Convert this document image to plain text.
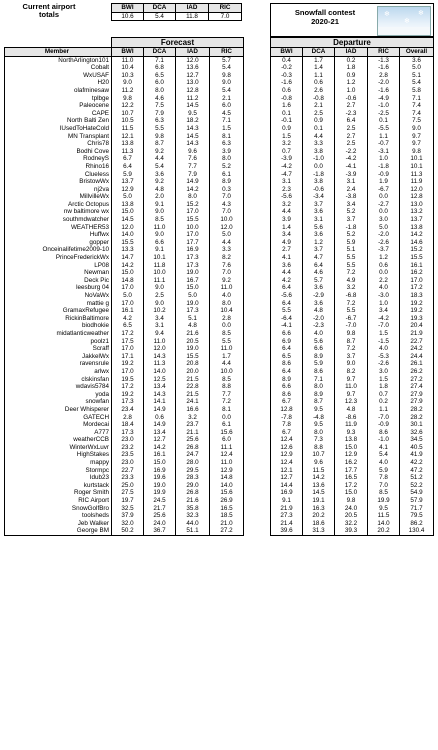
Current airport
totals
BWI	DCA	IAD	RIC
10.6	5.4	11.8	7.0	Snowfall contest
2020-21
❄
❄
❄
Forecast	Departure
Member	BWI	DCA	IAD	RIC
NorthArlington101	11.0	7.1	12.0	5.7
Cobalt	10.4	6.8	13.6	5.4
WxUSAF	10.3	6.5	12.7	9.8
H20	9.0	6.0	13.0	9.0
olafminesaw	11.2	8.0	12.8	5.4
tplbge	9.8	4.6	11.2	2.1
Paleocene	12.2	7.5	14.5	6.0
CAPE	10.7	7.9	9.5	4.5
North Balti Zen	10.5	6.3	18.2	7.1
IUsedToHateCold	11.5	5.5	14.3	1.5
MN Transplant	12.1	9.8	14.5	8.1
Chris78	13.8	8.7	14.3	6.3
Bodhi Cove	11.3	9.2	9.6	3.9
RodneyS	6.7	4.4	7.6	8.0
Rhino16	6.4	5.4	7.7	5.2
Clueless	5.9	3.6	7.9	6.1
BristowWx	13.7	9.2	14.9	8.9
nj2va	12.9	4.8	14.2	0.3
MillvilleWx	5.0	2.0	8.0	7.0
Arctic Octopus	13.8	9.1	15.2	4.3
nw baltimore wx	15.0	9.0	17.0	7.0
southmdwatcher	14.5	8.5	15.5	10.0
WEATHER53	12.0	11.0	10.0	12.0
Huffwx	14.0	9.0	17.0	5.0
gopper	15.5	6.6	17.7	4.4
Onceinalifetime2009-10	13.3	9.1	16.9	3.3
PrinceFrederickWx	14.7	10.1	17.3	8.2
LP08	14.2	11.8	17.3	7.6
Newman	15.0	10.0	19.0	7.0
Deck Pic	14.8	11.1	16.7	9.2
leesburg 04	17.0	9.0	15.0	11.0
NoVaWx	5.0	2.5	5.0	4.0
mattie g	17.0	9.0	19.0	8.0
GramaxRefugee	16.1	10.2	17.3	10.4
RickinBaltimore	4.2	3.4	5.1	2.8
biodhokie	6.5	3.1	4.8	0.0
midatlanticweather	17.2	9.4	21.6	8.5
poolz1	17.5	11.0	20.5	5.5
Scraff	17.0	12.0	19.0	11.0
JakkelWx	17.1	14.3	15.5	1.7
ravensrule	19.2	11.3	20.8	4.4
arlwx	17.0	14.0	20.0	10.0
clskinsfan	19.5	12.5	21.5	8.5
wdavis5784	17.2	13.4	22.8	8.8
yoda	19.2	14.3	21.5	7.7
snowfan	17.3	14.1	24.1	7.2
Deer Whisperer	23.4	14.9	16.6	8.1
GATECH	2.8	0.6	3.2	0.0
Mordecai	18.4	14.9	23.7	6.1
A777	17.3	13.4	21.1	15.6
weatherCCB	23.0	12.7	25.6	6.0
WinterWxLuvr	23.2	14.2	26.8	11.1
HighStakes	23.5	16.1	24.7	12.4
mappy	23.0	15.0	28.0	11.0
Stormpc	22.7	16.9	29.5	12.9
Idub23	23.3	19.6	28.3	14.8
kurtstack	25.0	19.0	29.0	14.0
Roger Smith	27.5	19.9	26.8	15.6
RIC Airport	19.7	24.5	21.6	26.9
SnowGolfBro	32.5	21.7	35.8	16.5
toolsheds	37.9	25.6	32.3	18.5
Jeb Walker	32.0	24.0	44.0	21.0
George BM	50.2	36.7	51.1	27.2
BWI	DCA	IAD	RIC	Overall
0.4	1.7	0.2	-1.3	3.6
-0.2	1.4	1.8	-1.6	5.0
-0.3	1.1	0.9	2.8	5.1
-1.6	0.6	1.2	-2.0	5.4
0.6	2.6	1.0	-1.6	5.8
-0.8	-0.8	-0.6	-4.9	7.1
1.6	2.1	2.7	-1.0	7.4
0.1	2.5	-2.3	-2.5	7.4
-0.1	0.9	6.4	0.1	7.5
0.9	0.1	2.5	-5.5	9.0
1.5	4.4	2.7	1.1	9.7
3.2	3.3	2.5	-0.7	9.7
0.7	3.8	-2.2	-3.1	9.8
-3.9	-1.0	-4.2	1.0	10.1
-4.2	0.0	-4.1	-1.8	10.1
-4.7	-1.8	-3.9	-0.9	11.3
3.1	3.8	3.1	1.9	11.9
2.3	-0.6	2.4	-6.7	12.0
-5.6	-3.4	-3.8	0.0	12.8
3.2	3.7	3.4	-2.7	13.0
4.4	3.6	5.2	0.0	13.2
3.9	3.1	3.7	3.0	13.7
1.4	5.6	-1.8	5.0	13.8
3.4	3.6	5.2	-2.0	14.2
4.9	1.2	5.9	-2.6	14.6
2.7	3.7	5.1	-3.7	15.2
4.1	4.7	5.5	1.2	15.5
3.6	6.4	5.5	0.6	16.1
4.4	4.6	7.2	0.0	16.2
4.2	5.7	4.9	2.2	17.0
6.4	3.6	3.2	4.0	17.2
-5.6	-2.9	-6.8	-3.0	18.3
6.4	3.6	7.2	1.0	19.2
5.5	4.8	5.5	3.4	19.2
-6.4	-2.0	-6.7	-4.2	19.3
-4.1	-2.3	-7.0	-7.0	20.4
6.6	4.0	9.8	1.5	21.9
6.9	5.6	8.7	-1.5	22.7
6.4	6.6	7.2	4.0	24.2
6.5	8.9	3.7	-5.3	24.4
8.6	5.9	9.0	-2.6	26.1
6.4	8.6	8.2	3.0	26.2
8.9	7.1	9.7	1.5	27.2
6.6	8.0	11.0	1.8	27.4
8.6	8.9	9.7	0.7	27.9
6.7	8.7	12.3	0.2	27.9
12.8	9.5	4.8	1.1	28.2
-7.8	-4.8	-8.6	-7.0	28.2
7.8	9.5	11.9	-0.9	30.1
6.7	8.0	9.3	8.6	32.6
12.4	7.3	13.8	-1.0	34.5
12.6	8.8	15.0	4.1	40.5
12.9	10.7	12.9	5.4	41.9
12.4	9.6	16.2	4.0	42.2
12.1	11.5	17.7	5.9	47.2
12.7	14.2	16.5	7.8	51.2
14.4	13.6	17.2	7.0	52.2
16.9	14.5	15.0	8.5	54.9
9.1	19.1	9.8	19.9	57.9
21.9	16.3	24.0	9.5	71.7
27.3	20.2	20.5	11.5	79.5
21.4	18.6	32.2	14.0	86.2
39.6	31.3	39.3	20.2	130.4
